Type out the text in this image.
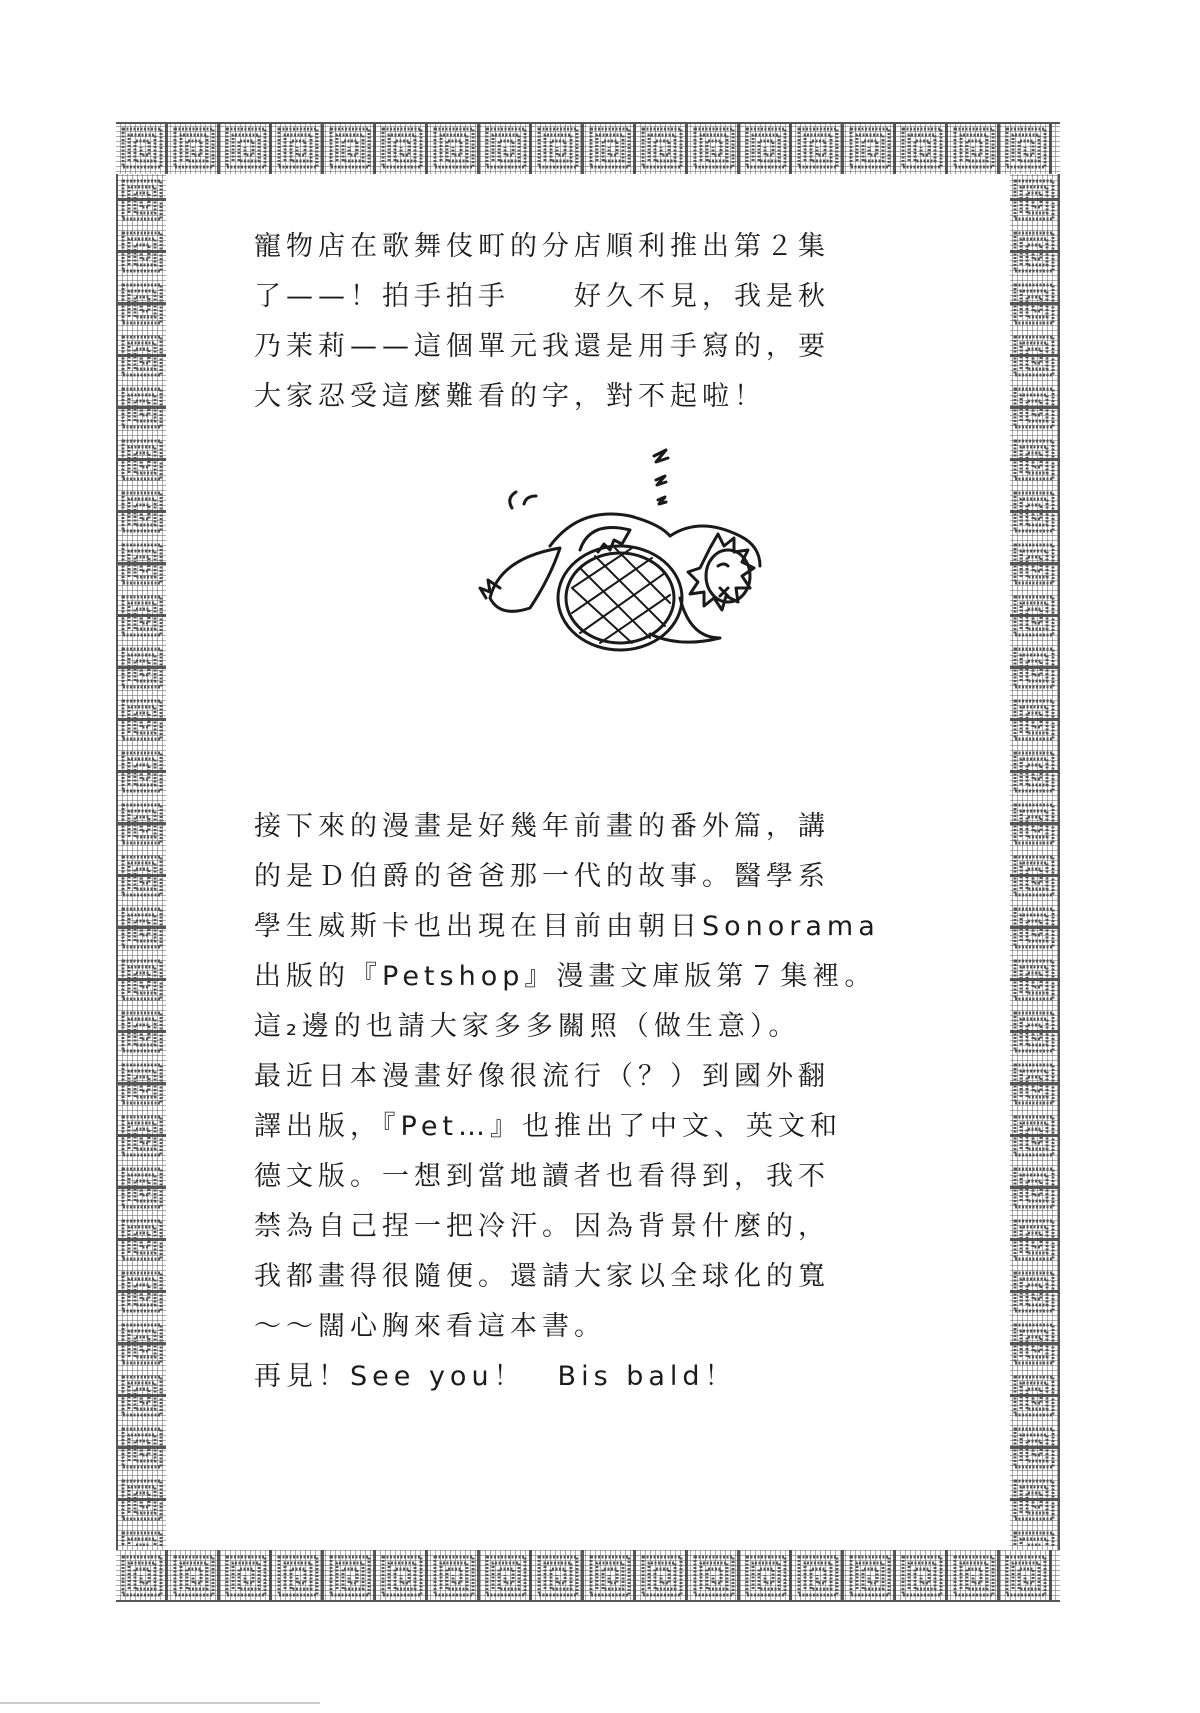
寵物店在歌舞伎町的分店順利推出第２集
了——！拍手拍手　　好久不見，我是秋
乃茉莉——這個單元我還是用手寫的，要
大家忍受這麼難看的字，對不起啦！
接下來的漫畫是好幾年前畫的番外篇，講
的是Ｄ伯爵的爸爸那一代的故事。醫學系
學生威斯卡也出現在目前由朝日Sonorama
出版的『Petshop』漫畫文庫版第７集裡。
這₂邊的也請大家多多關照（做生意）。
最近日本漫畫好像很流行（？）到國外翻
譯出版，『Pet…』也推出了中文、英文和
德文版。一想到當地讀者也看得到，我不
禁為自己捏一把冷汗。因為背景什麼的，
我都畫得很隨便。還請大家以全球化的寬
～～闊心胸來看這本書。
再見！See you！　Bis bald！
